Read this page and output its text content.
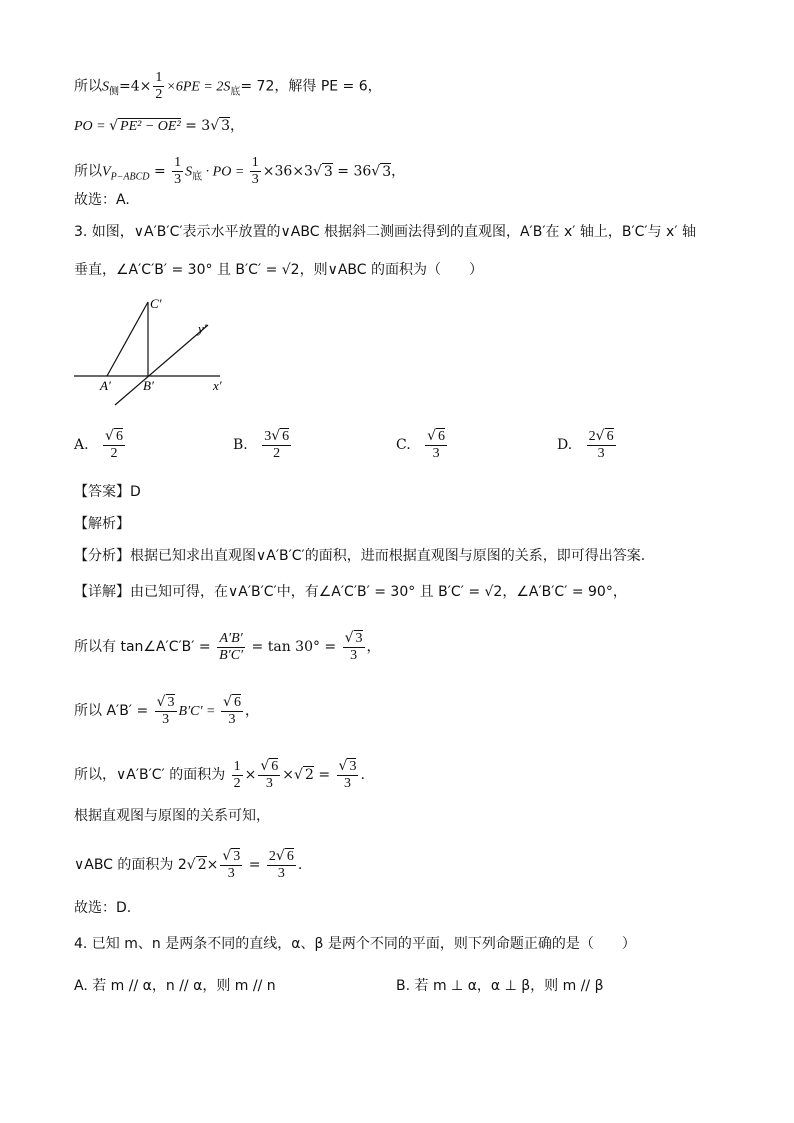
所以$S_侧=4\times \frac{1}{2} \times 6PE = 2S_底= 72$，解得 PE = 6，
PO = √ PE² − OE² = 3√ 3，
所以$V_{P-ABCD} = \frac{1}{3} S_底$ · PO = $\frac{1}{3} \times 36\times 3√$ 3 = 36√ 3，
故选：A.
3. 如图，∨A′B′C′表示水平放置的∨ABC 根据斜二测画法得到的直观图，A′B′在 x′ 轴上，B′C′与 x′ 轴
垂直，∠A′C′B′ = 30° 且 B′C′ = √2，则∨ABC 的面积为（　　）
C′
y′
A′ B′	x′
A. $\frac{√ 6}{2}$	B. $\frac{3√ 6}{2}$	C. $\frac{√ 6}{3}$	D. $\frac{2√ 6}{3}$
【答案】D
【解析】
【分析】根据已知求出直观图∨A′B′C′的面积，进而根据直观图与原图的关系，即可得出答案.
【详解】由已知可得，在∨A′B′C′中，有∠A′C′B′ = 30° 且 B′C′ = √2，∠A′B′C′ = 90°，
所以有 tan∠A′C′B′ = $\frac{A'B'}{B'C'} = \tan 30^\circ = \frac{√ 3}{3}$ ，
所以 $A'B' = \frac{√ 3}{3} B'C' = \frac{√ 6}{3}$ ，
所以，∨A′B′C′ 的面积为 $\frac{1}{2} \times \frac{√ 6}{3}$ ×√ $2 = \frac{√ 3}{3}$ .
根据直观图与原图的关系可知，
∨ABC 的面积为 2√ $2\times \frac{√ 3}{3} = \frac{2√ 6}{3}$ .
故选：D.
4. 已知 m、n 是两条不同的直线，α、β 是两个不同的平面，则下列命题正确的是（　　）
A. 若 m // α，n // α，则 m // n	B. 若 m ⊥ α，α ⊥ β，则 m // β
